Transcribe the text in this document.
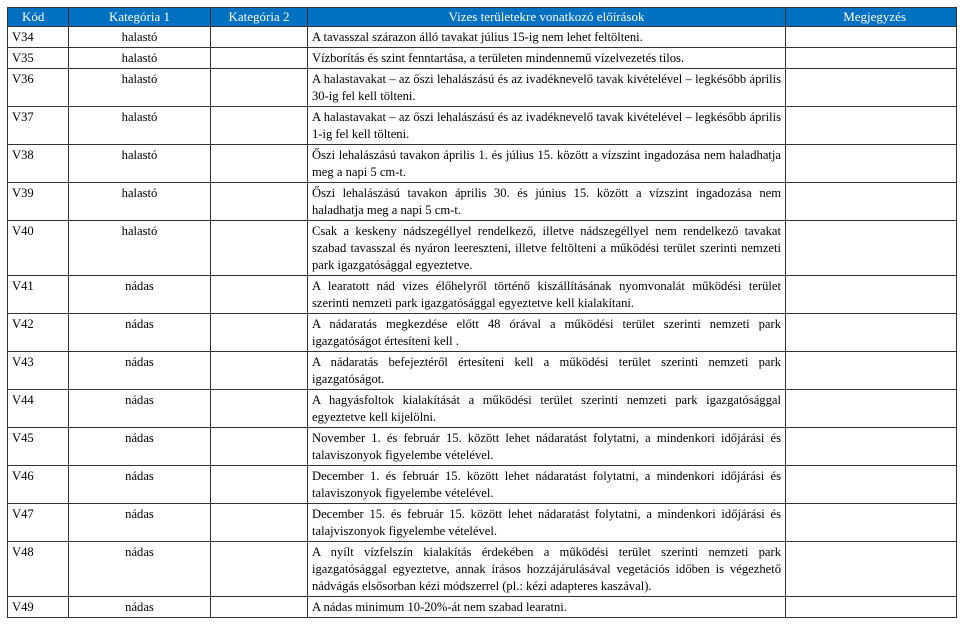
Kód	Kategória 1	Kategória 2	Vizes területekre vonatkozó előírások	Megjegyzés
V34	halastó		A tavasszal szárazon álló tavakat július 15-ig nem lehet feltölteni.	
V35	halastó		Vízborítás és szint fenntartása, a területen mindennemű vízelvezetés tilos.	
V36	halastó		A halastavakat – az őszi lehalászású és az ivadéknevelő tavak kivételével – legkésőbb április 30-ig fel kell tölteni.	
V37	halastó		A halastavakat – az őszi lehalászású és az ivadéknevelő tavak kivételével – legkésőbb április 1-ig fel kell tölteni.	
V38	halastó		Őszi lehalászású tavakon április 1. és július 15. között a vízszint ingadozása nem haladhatja meg a napi 5 cm-t.	
V39	halastó		Őszi lehalászású tavakon április 30. és június 15. között a vízszint ingadozása nem haladhatja meg a napi 5 cm-t.	
V40	halastó		Csak a keskeny nádszegéllyel rendelkező, illetve nádszegéllyel nem rendelkező tavakat szabad tavasszal és nyáron leereszteni, illetve feltölteni a működési terület szerinti nemzeti park igazgatósággal egyeztetve.	
V41	nádas		A learatott nád vizes élőhelyről történő kiszállításának nyomvonalát működési terület szerinti nemzeti park igazgatósággal egyeztetve kell kialakítani.	
V42	nádas		A nádaratás megkezdése előtt 48 órával a működési terület szerinti nemzeti park igazgatóságot értesíteni kell .	
V43	nádas		A nádaratás befejeztéről értesíteni kell a működési terület szerinti nemzeti park igazgatóságot.	
V44	nádas		A hagyásfoltok kialakítását a működési terület szerinti nemzeti park igazgatósággal egyeztetve kell kijelölni.	
V45	nádas		November 1. és február 15. között lehet nádaratást folytatni, a mindenkori időjárási és talaviszonyok figyelembe vételével.	
V46	nádas		December 1. és február 15. között lehet nádaratást folytatni, a mindenkori időjárási és talaviszonyok figyelembe vételével.	
V47	nádas		December 15. és február 15. között lehet nádaratást folytatni, a mindenkori időjárási és talajviszonyok figyelembe vételével.	
V48	nádas		A nyílt vízfelszín kialakítás érdekében a működési terület szerinti nemzeti park igazgatósággal egyeztetve, annak írásos hozzájárulásával vegetációs időben is végezhető nádvágás elsősorban kézi módszerrel (pl.: kézi adapteres kaszával).	
V49	nádas		A nádas minimum 10-20%-át nem szabad learatni.	
